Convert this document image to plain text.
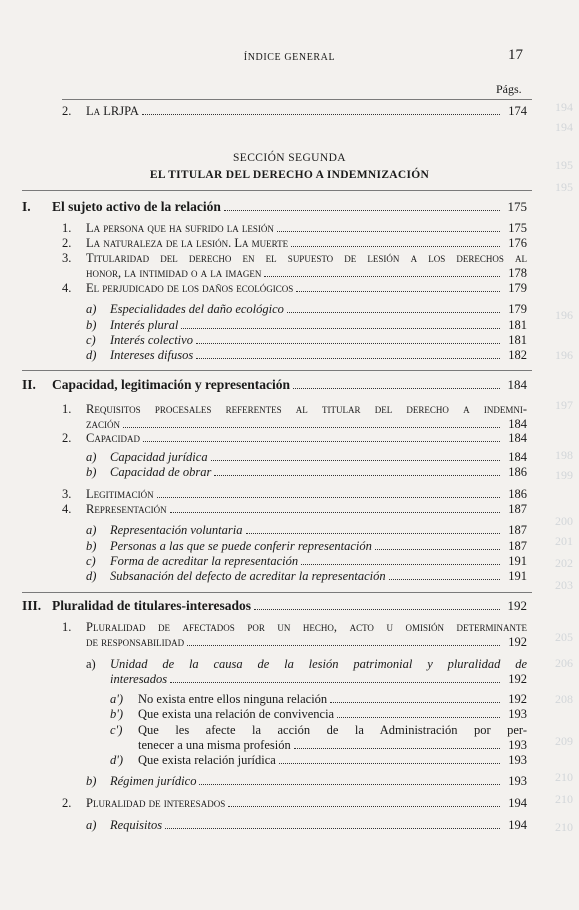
194
194
195
195
196
196
197
198
199
200
201
202
203
205
206
208
209
210
210
210
ÍNDICE GENERAL	17
Págs.
2.	La LRJPA	174
SECCIÓN SEGUNDA
EL TITULAR DEL DERECHO A INDEMNIZACIÓN
I.	El sujeto activo de la relación	175
1.	La persona que ha sufrido la lesión	175
2.	La naturaleza de la lesión. La muerte	176
3.	Titularidad del derecho en el supuesto de lesión a los derechos al
honor, la intimidad o a la imagen	178
4.	El perjudicado de los daños ecológicos	179
a)	Especialidades del daño ecológico	179
b)	Interés plural	181
c)	Interés colectivo	181
d)	Intereses difusos	182
II.	Capacidad, legitimación y representación	184
1.	Requisitos procesales referentes al titular del derecho a indemni-
zación	184
2.	Capacidad	184
a)	Capacidad jurídica	184
b)	Capacidad de obrar	186
3.	Legitimación	186
4.	Representación	187
a)	Representación voluntaria	187
b)	Personas a las que se puede conferir representación	187
c)	Forma de acreditar la representación	191
d)	Subsanación del defecto de acreditar la representación	191
III. Pluralidad de titulares-interesados	192
1.	Pluralidad de afectados por un hecho, acto u omisión determinante
de responsabilidad	192
a)	Unidad de la causa de la lesión patrimonial y pluralidad de
interesados	192
a')	No exista entre ellos ninguna relación	192
b')	Que exista una relación de convivencia	193
c')	Que les afecte la acción de la Administración por per-
tenecer a una misma profesión	193
d')	Que exista relación jurídica	193
b)	Régimen jurídico	193
2.	Pluralidad de interesados	194
a)	Requisitos	194
